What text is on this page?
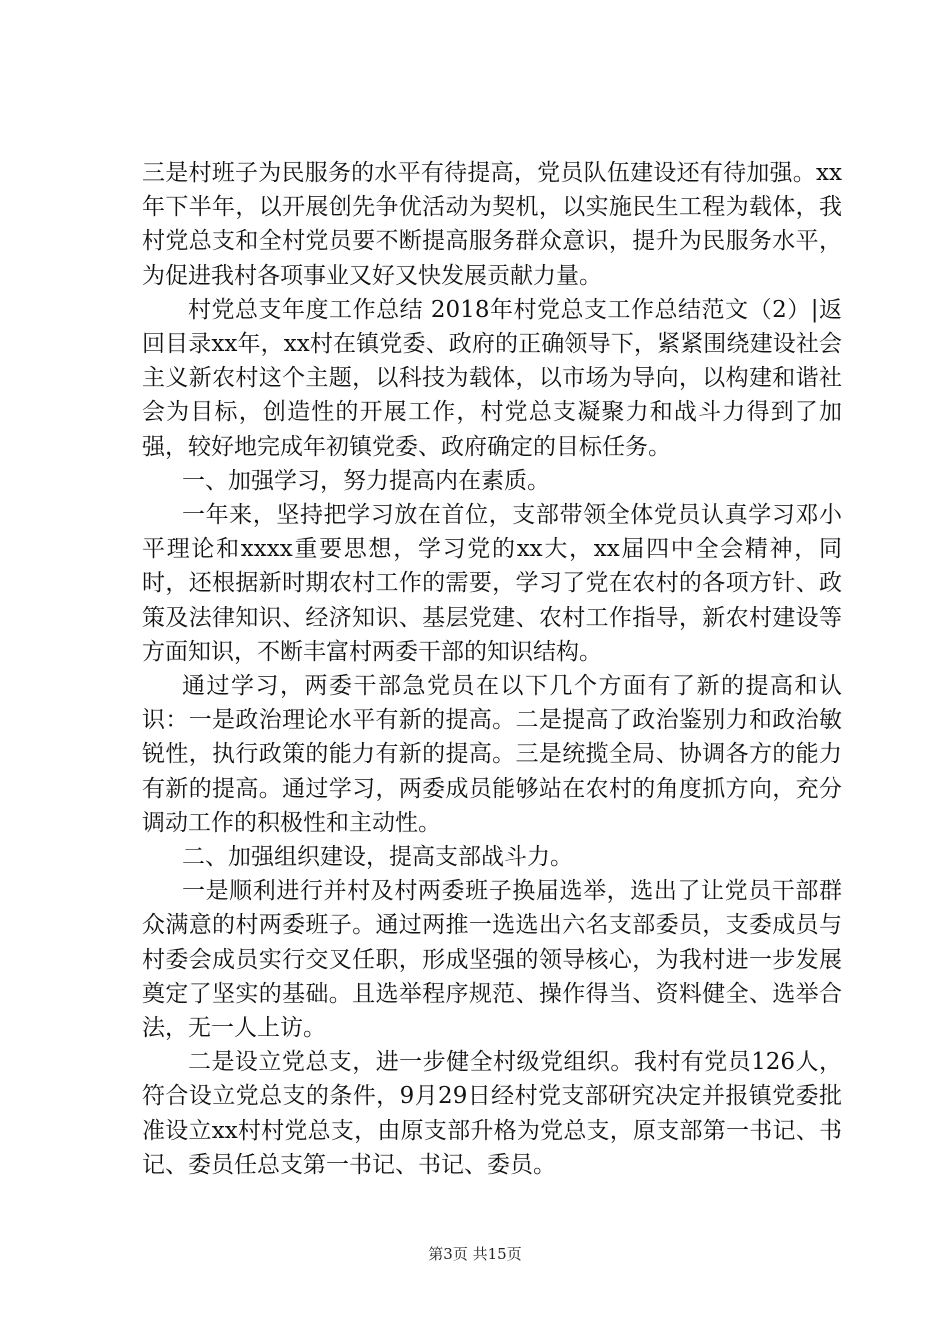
三是村班子为民服务的水平有待提高，党员队伍建设还有待加强。xx年下半年，以开展创先争优活动为契机，以实施民生工程为载体，我村党总支和全村党员要不断提高服务群众意识，提升为民服务水平，为促进我村各项事业又好又快发展贡献力量。

村党总支年度工作总结 2018年村党总支工作总结范文（2）|返回目录xx年，xx村在镇党委、政府的正确领导下，紧紧围绕建设社会主义新农村这个主题，以科技为载体，以市场为导向，以构建和谐社会为目标，创造性的开展工作，村党总支凝聚力和战斗力得到了加强，较好地完成年初镇党委、政府确定的目标任务。

一、加强学习，努力提高内在素质。

一年来，坚持把学习放在首位，支部带领全体党员认真学习邓小平理论和xxxx重要思想，学习党的xx大，xx届四中全会精神，同时，还根据新时期农村工作的需要，学习了党在农村的各项方针、政策及法律知识、经济知识、基层党建、农村工作指导，新农村建设等方面知识，不断丰富村两委干部的知识结构。

通过学习，两委干部急党员在以下几个方面有了新的提高和认识：一是政治理论水平有新的提高。二是提高了政治鉴别力和政治敏锐性，执行政策的能力有新的提高。三是统揽全局、协调各方的能力有新的提高。通过学习，两委成员能够站在农村的角度抓方向，充分调动工作的积极性和主动性。

二、加强组织建设，提高支部战斗力。

一是顺利进行并村及村两委班子换届选举，选出了让党员干部群众满意的村两委班子。通过两推一选选出六名支部委员，支委成员与村委会成员实行交叉任职，形成坚强的领导核心，为我村进一步发展奠定了坚实的基础。且选举程序规范、操作得当、资料健全、选举合法，无一人上访。

二是设立党总支，进一步健全村级党组织。我村有党员126人，符合设立党总支的条件，9月29日经村党支部研究决定并报镇党委批准设立xx村村党总支，由原支部升格为党总支，原支部第一书记、书记、委员任总支第一书记、书记、委员。

第3页 共15页
